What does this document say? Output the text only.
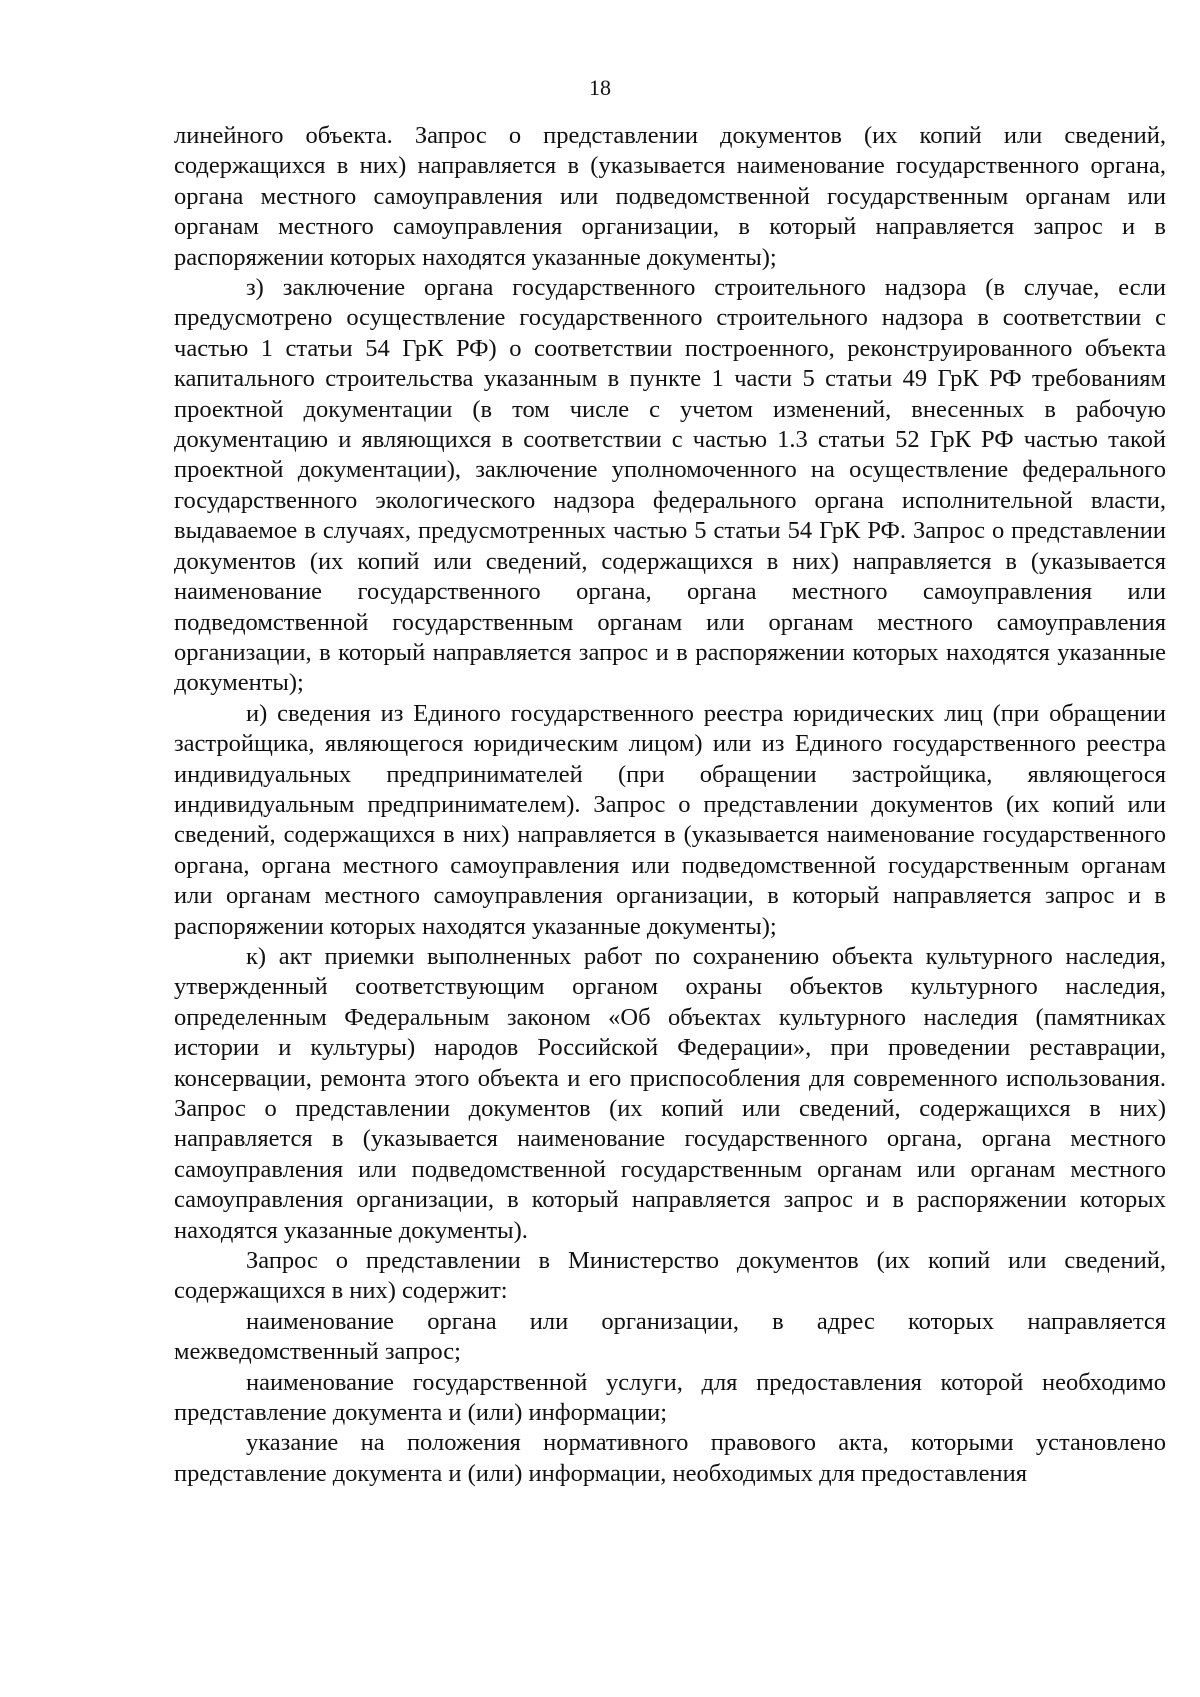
18

линейного объекта. Запрос о представлении документов (их копий или сведений, содержащихся в них) направляется в (указывается наименование государственного органа, органа местного самоуправления или подведомственной государственным органам или органам местного самоуправления организации, в который направляется запрос и в распоряжении которых находятся указанные документы);

з) заключение органа государственного строительного надзора (в случае, если предусмотрено осуществление государственного строительного надзора в соответствии с частью 1 статьи 54 ГрК РФ) о соответствии построенного, реконструированного объекта капитального строительства указанным в пункте 1 части 5 статьи 49 ГрК РФ требованиям проектной документации (в том числе с учетом изменений, внесенных в рабочую документацию и являющихся в соответствии с частью 1.3 статьи 52 ГрК РФ частью такой проектной документации), заключение уполномоченного на осуществление федерального государственного экологического надзора федерального органа исполнительной власти, выдаваемое в случаях, предусмотренных частью 5 статьи 54 ГрК РФ. Запрос о представлении документов (их копий или сведений, содержащихся в них) направляется в (указывается наименование государственного органа, органа местного самоуправления или подведомственной государственным органам или органам местного самоуправления организации, в который направляется запрос и в распоряжении которых находятся указанные документы);

и) сведения из Единого государственного реестра юридических лиц (при обращении застройщика, являющегося юридическим лицом) или из Единого государственного реестра индивидуальных предпринимателей (при обращении застройщика, являющегося индивидуальным предпринимателем). Запрос о представлении документов (их копий или сведений, содержащихся в них) направляется в (указывается наименование государственного органа, органа местного самоуправления или подведомственной государственным органам или органам местного самоуправления организации, в который направляется запрос и в распоряжении которых находятся указанные документы);

к) акт приемки выполненных работ по сохранению объекта культурного наследия, утвержденный соответствующим органом охраны объектов культурного наследия, определенным Федеральным законом «Об объектах культурного наследия (памятниках истории и культуры) народов Российской Федерации», при проведении реставрации, консервации, ремонта этого объекта и его приспособления для современного использования. Запрос о представлении документов (их копий или сведений, содержащихся в них) направляется в (указывается наименование государственного органа, органа местного самоуправления или подведомственной государственным органам или органам местного самоуправления организации, в который направляется запрос и в распоряжении которых находятся указанные документы).

Запрос о представлении в Министерство документов (их копий или сведений, содержащихся в них) содержит:

наименование органа или организации, в адрес которых направляется межведомственный запрос;

наименование государственной услуги, для предоставления которой необходимо представление документа и (или) информации;

указание на положения нормативного правового акта, которыми установлено представление документа и (или) информации, необходимых для предоставления
